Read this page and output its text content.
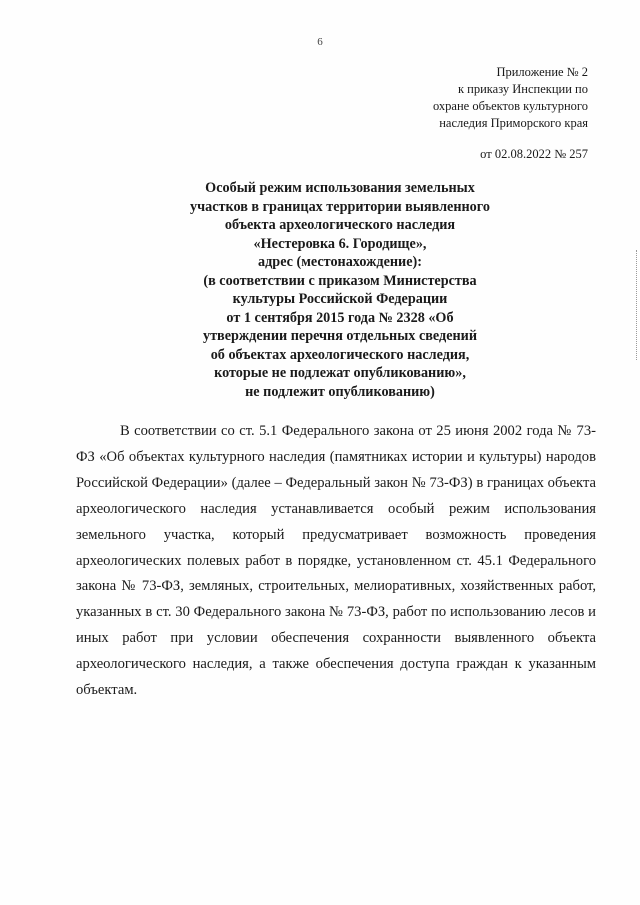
6
Приложение № 2
к приказу Инспекции по
охране объектов культурного
наследия Приморского края
от 02.08.2022 № 257
Особый режим использования земельных
участков в границах территории выявленного
объекта археологического наследия
«Нестеровка 6. Городище»,
адрес (местонахождение):
(в соответствии с приказом Министерства
культуры Российской Федерации
от 1 сентября 2015 года № 2328 «Об
утверждении перечня отдельных сведений
об объектах археологического наследия,
которые не подлежат опубликованию»,
не подлежит опубликованию)

В соответствии со ст. 5.1 Федерального закона от 25 июня 2002 года № 73-ФЗ «Об объектах культурного наследия (памятниках истории и культуры) народов Российской Федерации» (далее – Федеральный закон № 73-ФЗ) в границах объекта археологического наследия устанавливается особый режим использования земельного участка, который предусматривает возможность проведения археологических полевых работ в порядке, установленном ст. 45.1 Федерального закона № 73-ФЗ, земляных, строительных, мелиоративных, хозяйственных работ, указанных в ст. 30 Федерального закона № 73-ФЗ, работ по использованию лесов и иных работ при условии обеспечения сохранности выявленного объекта археологического наследия, а также обеспечения доступа граждан к указанным объектам.
